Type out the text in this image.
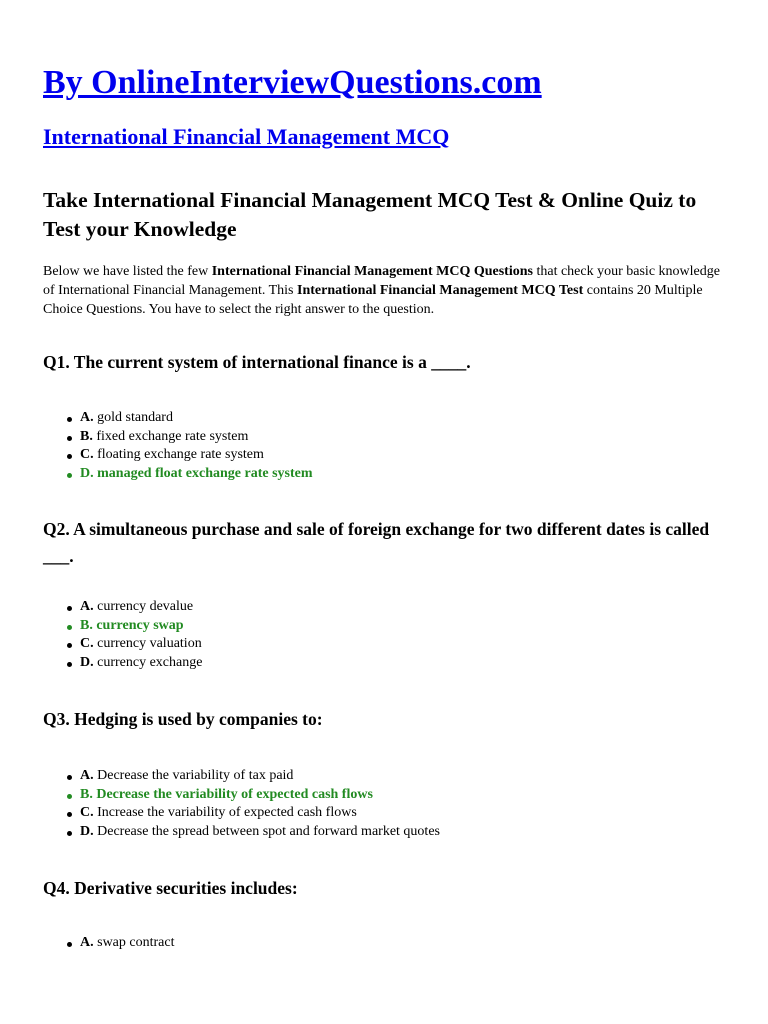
By OnlineInterviewQuestions.com
International Financial Management MCQ
Take International Financial Management MCQ Test & Online Quiz to Test your Knowledge

Below we have listed the few International Financial Management MCQ Questions that check your basic knowledge of International Financial Management. This International Financial Management MCQ Test contains 20 Multiple Choice Questions. You have to select the right answer to the question.

Q1. The current system of international finance is a ____.
A. gold standard
B. fixed exchange rate system
C. floating exchange rate system
D. managed float exchange rate system
Q2. A simultaneous purchase and sale of foreign exchange for two different dates is called ___.
A. currency devalue
B. currency swap
C. currency valuation
D. currency exchange
Q3. Hedging is used by companies to:
A. Decrease the variability of tax paid
B. Decrease the variability of expected cash flows
C. Increase the variability of expected cash flows
D. Decrease the spread between spot and forward market quotes
Q4. Derivative securities includes:
A. swap contract
